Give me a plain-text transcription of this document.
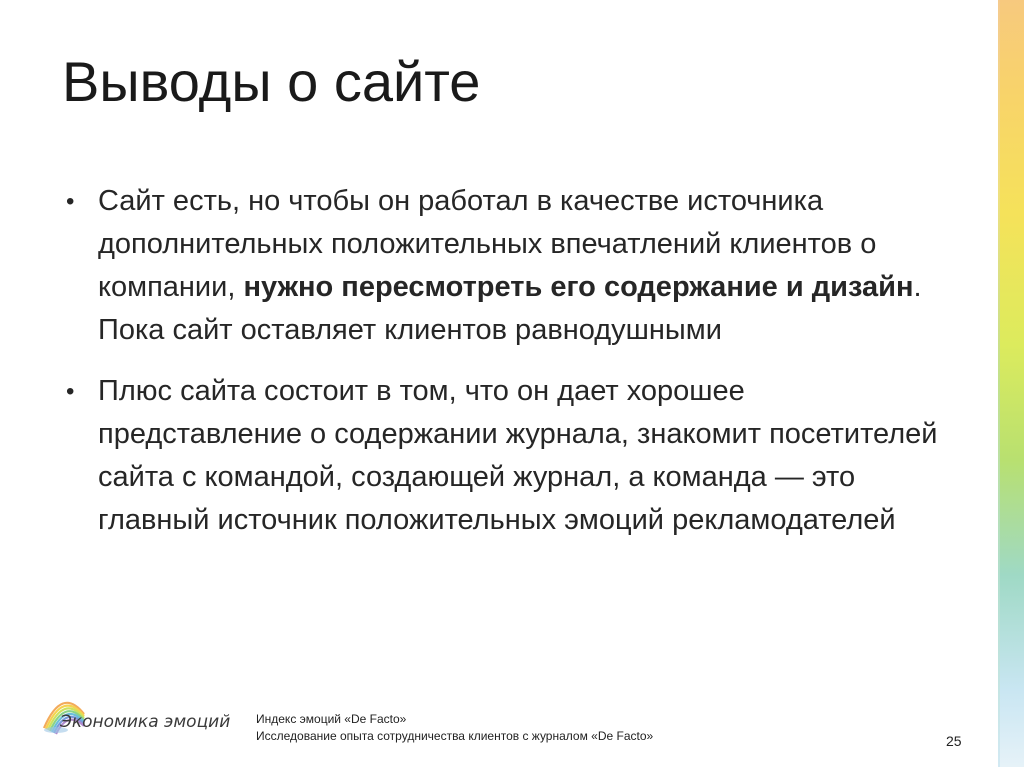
Выводы о сайте
• Сайт есть, но чтобы он работал в качестве источника дополнительных положительных впечатлений клиентов о компании, нужно пересмотреть его содержание и дизайн. Пока сайт оставляет клиентов равнодушными
• Плюс сайта состоит в том, что он дает хорошее представление о содержании журнала, знакомит посетителей сайта с командой, создающей журнал, а команда — это главный источник положительных эмоций рекламодателей
Экономика эмоций Индекс эмоций «De Facto»
Исследование опыта сотрудничества клиентов с журналом «De Facto»	25
